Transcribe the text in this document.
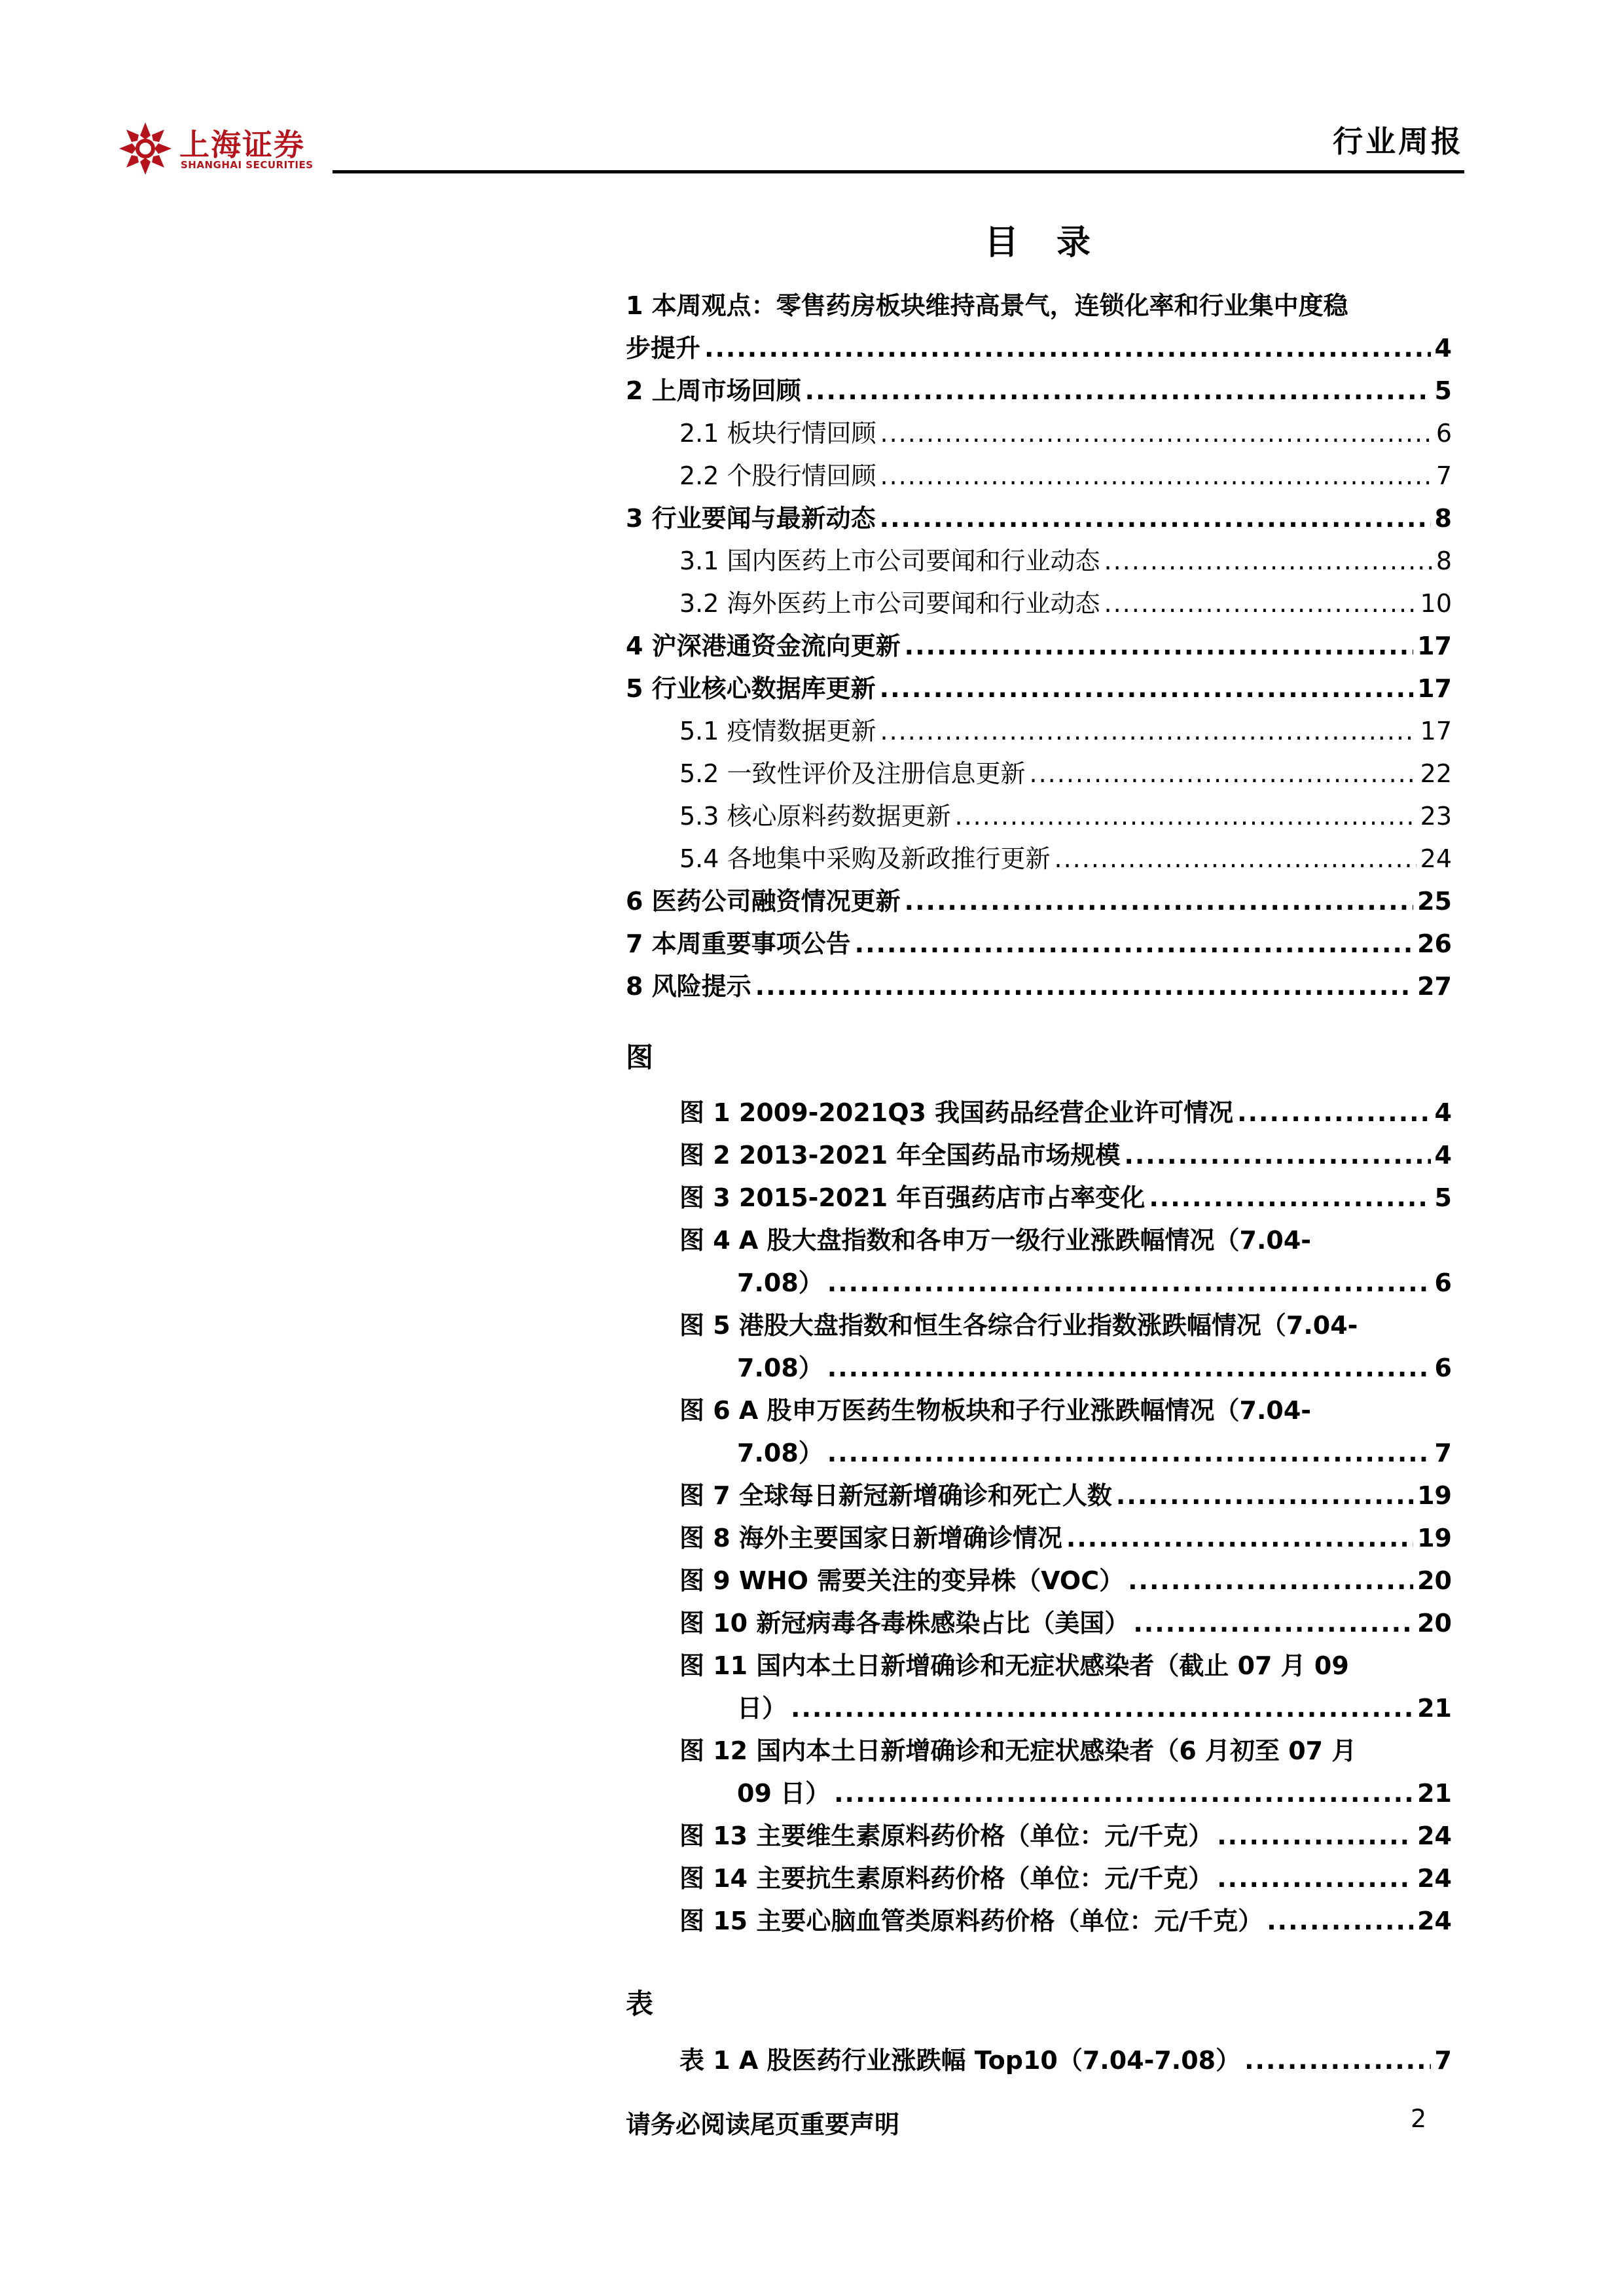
上海证券
SHANGHAI SECURITIES
行业周报
目 录
1 本周观点：零售药房板块维持高景气，连锁化率和行业集中度稳
步提升 .....	4
2 上周市场回顾 .....	5
2.1 板块行情回顾 .....	6
2.2 个股行情回顾 .....	7
3 行业要闻与最新动态 .....	8
3.1 国内医药上市公司要闻和行业动态 .....	8
3.2 海外医药上市公司要闻和行业动态 .....	10
4 沪深港通资金流向更新 .....	17
5 行业核心数据库更新 .....	17
5.1 疫情数据更新 .....	17
5.2 一致性评价及注册信息更新 .....	22
5.3 核心原料药数据更新 .....	23
5.4 各地集中采购及新政推行更新 .....	24
6 医药公司融资情况更新 .....	25
7 本周重要事项公告 .....	26
8 风险提示 .....	27
图
图 1 2009-2021Q3 我国药品经营企业许可情况 .....	4
图 2 2013-2021 年全国药品市场规模 .....	4
图 3 2015-2021 年百强药店市占率变化 .....	5
图 4 A 股大盘指数和各申万一级行业涨跌幅情况（7.04-
7.08） .....	6
图 5 港股大盘指数和恒生各综合行业指数涨跌幅情况（7.04-
7.08） .....	6
图 6 A 股申万医药生物板块和子行业涨跌幅情况（7.04-
7.08） .....	7
图 7 全球每日新冠新增确诊和死亡人数 .....	19
图 8 海外主要国家日新增确诊情况 .....	19
图 9 WHO 需要关注的变异株（VOC） .....	20
图 10 新冠病毒各毒株感染占比（美国） .....	20
图 11 国内本土日新增确诊和无症状感染者（截止 07 月 09
日） .....	21
图 12 国内本土日新增确诊和无症状感染者（6 月初至 07 月
09 日） .....	21
图 13 主要维生素原料药价格（单位：元/千克） .....	24
图 14 主要抗生素原料药价格（单位：元/千克） .....	24
图 15 主要心脑血管类原料药价格（单位：元/千克） .....	24
表
表 1 A 股医药行业涨跌幅 Top10（7.04-7.08） .....	7
请务必阅读尾页重要声明	2
